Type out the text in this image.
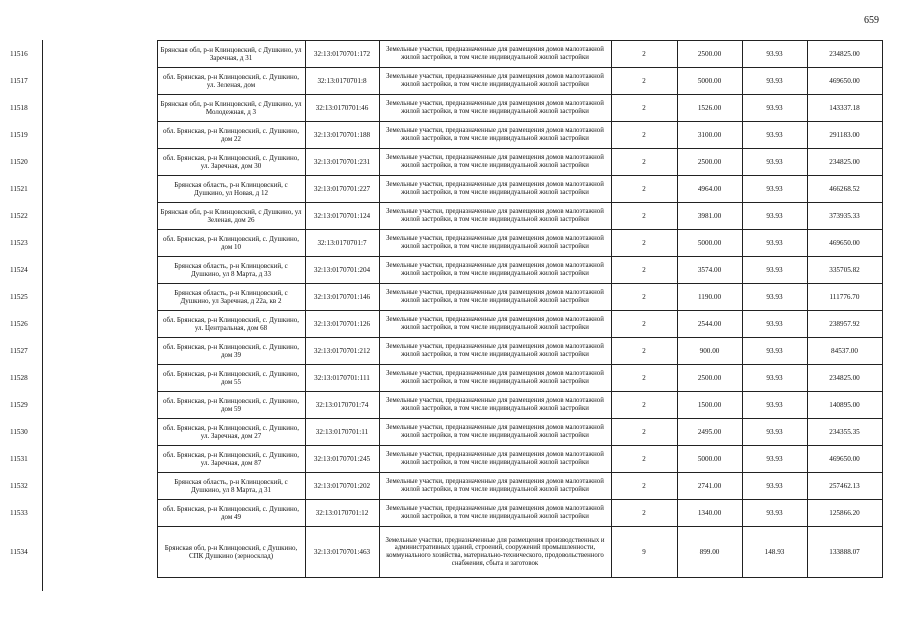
659
11516		Брянская обл, р-н Клинцовский, с Душкино, ул Заречная, д 31	32:13:0170701:172	Земельные участки, предназначенные для размещения домов малоэтажной жилой застройки, в том числе индивидуальной жилой застройки	2	2500.00	93.93	234825.00
11517		обл. Брянская, р-н Клинцовский, с. Душкино, ул. Зеленая, дом	32:13:0170701:8	Земельные участки, предназначенные для размещения домов малоэтажной жилой застройки, в том числе индивидуальной жилой застройки	2	5000.00	93.93	469650.00
11518		Брянская обл, р-н Клинцовский, с Душкино, ул Молодежная, д 3	32:13:0170701:46	Земельные участки, предназначенные для размещения домов малоэтажной жилой застройки, в том числе индивидуальной жилой застройки	2	1526.00	93.93	143337.18
11519		обл. Брянская, р-н Клинцовский, с. Душкино, дом 22	32:13:0170701:188	Земельные участки, предназначенные для размещения домов малоэтажной жилой застройки, в том числе индивидуальной жилой застройки	2	3100.00	93.93	291183.00
11520		обл. Брянская, р-н Клинцовский, с. Душкино, ул. Заречная, дом 30	32:13:0170701:231	Земельные участки, предназначенные для размещения домов малоэтажной жилой застройки, в том числе индивидуальной жилой застройки	2	2500.00	93.93	234825.00
11521		Брянская область, р-н Клинцовский, с Душкино, ул Новая, д 12	32:13:0170701:227	Земельные участки, предназначенные для размещения домов малоэтажной жилой застройки, в том числе индивидуальной жилой застройки	2	4964.00	93.93	466268.52
11522		Брянская обл, р-н Клинцовский, с Душкино, ул Зеленая, дом 26	32:13:0170701:124	Земельные участки, предназначенные для размещения домов малоэтажной жилой застройки, в том числе индивидуальной жилой застройки	2	3981.00	93.93	373935.33
11523		обл. Брянская, р-н Клинцовский, с. Душкино, дом 10	32:13:0170701:7	Земельные участки, предназначенные для размещения домов малоэтажной жилой застройки, в том числе индивидуальной жилой застройки	2	5000.00	93.93	469650.00
11524		Брянская область, р-н Клинцовский, с Душкино, ул 8 Марта, д 33	32:13:0170701:204	Земельные участки, предназначенные для размещения домов малоэтажной жилой застройки, в том числе индивидуальной жилой застройки	2	3574.00	93.93	335705.82
11525		Брянская область, р-н Клинцовский, с Душкино, ул Заречная, д 22а, кв 2	32:13:0170701:146	Земельные участки, предназначенные для размещения домов малоэтажной жилой застройки, в том числе индивидуальной жилой застройки	2	1190.00	93.93	111776.70
11526		обл. Брянская, р-н Клинцовский, с. Душкино, ул. Центральная, дом 68	32:13:0170701:126	Земельные участки, предназначенные для размещения домов малоэтажной жилой застройки, в том числе индивидуальной жилой застройки	2	2544.00	93.93	238957.92
11527		обл. Брянская, р-н Клинцовский, с. Душкино, дом 39	32:13:0170701:212	Земельные участки, предназначенные для размещения домов малоэтажной жилой застройки, в том числе индивидуальной жилой застройки	2	900.00	93.93	84537.00
11528		обл. Брянская, р-н Клинцовский, с. Душкино, дом 55	32:13:0170701:111	Земельные участки, предназначенные для размещения домов малоэтажной жилой застройки, в том числе индивидуальной жилой застройки	2	2500.00	93.93	234825.00
11529		обл. Брянская, р-н Клинцовский, с. Душкино, дом 59	32:13:0170701:74	Земельные участки, предназначенные для размещения домов малоэтажной жилой застройки, в том числе индивидуальной жилой застройки	2	1500.00	93.93	140895.00
11530		обл. Брянская, р-н Клинцовский, с. Душкино, ул. Заречная, дом 27	32:13:0170701:11	Земельные участки, предназначенные для размещения домов малоэтажной жилой застройки, в том числе индивидуальной жилой застройки	2	2495.00	93.93	234355.35
11531		обл. Брянская, р-н Клинцовский, с. Душкино, ул. Заречная, дом 87	32:13:0170701:245	Земельные участки, предназначенные для размещения домов малоэтажной жилой застройки, в том числе индивидуальной жилой застройки	2	5000.00	93.93	469650.00
11532		Брянская область, р-н Клинцовский, с Душкино, ул 8 Марта, д 31	32:13:0170701:202	Земельные участки, предназначенные для размещения домов малоэтажной жилой застройки, в том числе индивидуальной жилой застройки	2	2741.00	93.93	257462.13
11533		обл. Брянская, р-н Клинцовский, с. Душкино, дом 49	32:13:0170701:12	Земельные участки, предназначенные для размещения домов малоэтажной жилой застройки, в том числе индивидуальной жилой застройки	2	1340.00	93.93	125866.20
11534		Брянская обл, р-н Клинцовский, с Душкино, СПК Душкино (зерносклад)	32:13:0170701:463	Земельные участки, предназначенные для размещения производственных и административных зданий, строений, сооружений промышленности, коммунального хозяйства, материально-технического, продовольственного снабжения, сбыта и заготовок	9	899.00	148.93	133888.07
